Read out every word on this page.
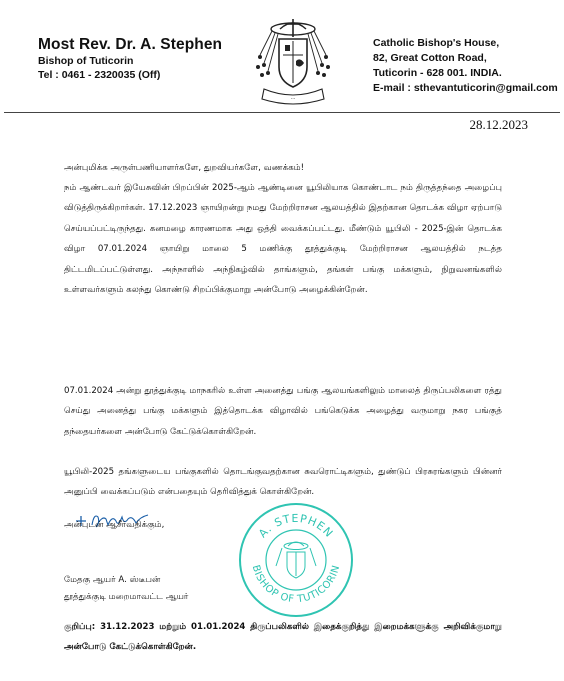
Most Rev. Dr. A. Stephen
Bishop of Tuticorin
Tel : 0461 - 2320035 (Off)
...
Catholic Bishop's House,
82, Great Cotton Road,
Tuticorin - 628 001. INDIA.
E-mail : sthevantuticorin@gmail.com
28.12.2023
அன்புமிக்க அருள்பணியாளர்களே, துறவியர்களே, வணக்கம்!
நம் ஆண்டவர் இயேசுவின் பிறப்பின் 2025-ஆம் ஆண்டினை யூபிலியாக கொண்டாட நம் திருத்தந்தை அழைப்பு விடுத்திருக்கிறார்கள். 17.12.2023 ஞாயிறன்று நமது மேற்றிராசன ஆலயத்தில் இதற்கான தொடக்க விழா ஏற்பாடு செய்யப்பட்டிருந்தது. கனமழை காரணமாக அது ஒத்தி வைக்கப்பட்டது. மீண்டும் யூபிலி - 2025-இன் தொடக்க விழா 07.01.2024 ஞாயிறு மாலை 5 மணிக்கு தூத்துக்குடி மேற்றிராசன ஆலயத்தில் நடத்த திட்டமிடப்பட்டுள்ளது. அந்நாளில் அந்நிகழ்வில் தாங்களும், தங்கள் பங்கு மக்களும், நிறுவனங்களில் உள்ளவர்களும் கலந்து கொண்டு சிறப்பிக்குமாறு அன்போடு அழைக்கின்றேன்.
07.01.2024 அன்று தூத்துக்குடி மாநகரில் உள்ள அனைத்து பங்கு ஆலயங்களிலும் மாலைத் திருப்பலிகளை ரத்து செய்து அனைத்து பங்கு மக்களும் இத்தொடக்க விழாவில் பங்கெடுக்க அழைத்து வருமாறு நகர பங்குத் தந்தையர்களை அன்போடு கேட்டுக்கொள்கிறேன்.
யூபிலி-2025 தங்களுடைய பங்குகளில் தொடங்குவதற்கான சுவரொட்டிகளும், துண்டுப் பிரசுரங்களும் பின்னர் அனுப்பி வைக்கப்படும் என்பதையும் தெரிவித்துக் கொள்கிறேன்.
அன்புடன் ஆசீர்வதிக்கும்,
மேதகு ஆயர் A. ஸ்டீபன்
தூத்துக்குடி மறைமாவட்ட ஆயர்
A. STEPHEN
BISHOP OF TUTICORIN
குறிப்பு: 31.12.2023 மற்றும் 01.01.2024 திருப்பலிகளில் இதைக்குறித்து இறைமக்களுக்கு அறிவிக்குமாறு அன்போடு கேட்டுக்கொள்கிறேன்.
